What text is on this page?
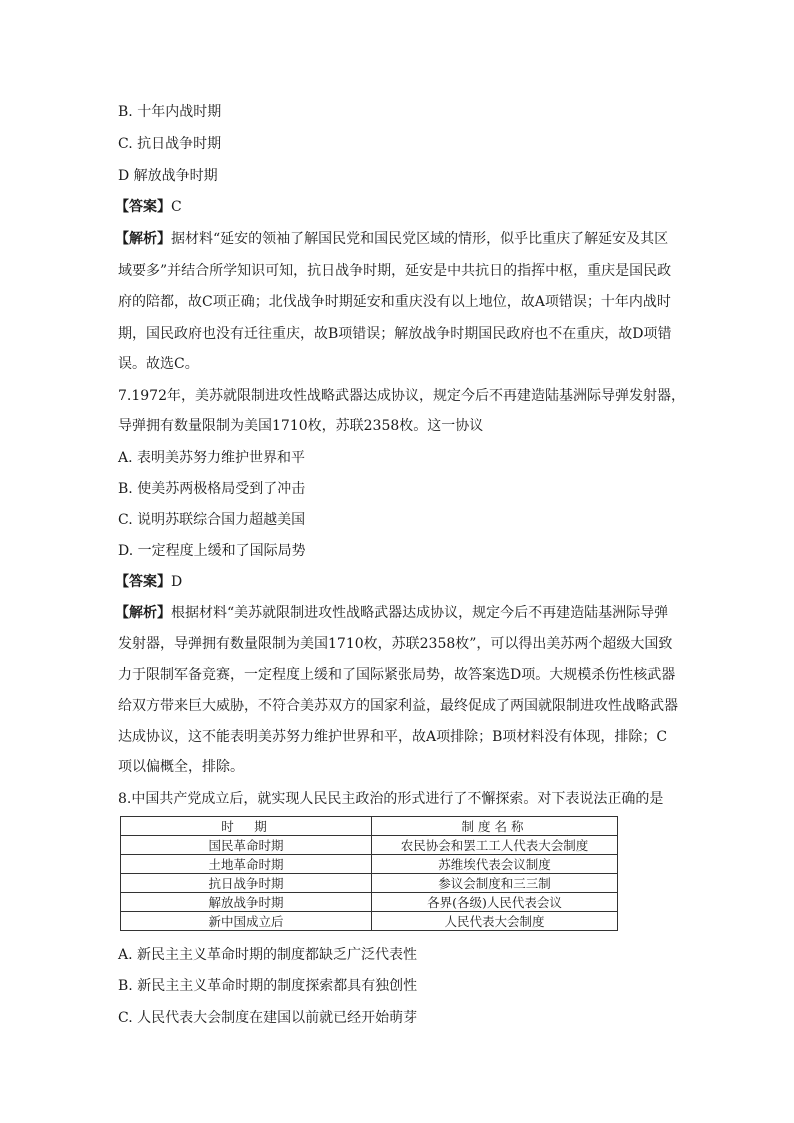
B. 十年内战时期
C. 抗日战争时期
D 解放战争时期
【答案】C
【解析】据材料“延安的领袖了解国民党和国民党区域的情形，似乎比重庆了解延安及其区
域要多”并结合所学知识可知，抗日战争时期，延安是中共抗日的指挥中枢，重庆是国民政
府的陪都，故C项正确；北伐战争时期延安和重庆没有以上地位，故A项错误；十年内战时
期，国民政府也没有迁往重庆，故B项错误；解放战争时期国民政府也不在重庆，故D项错
误。故选C。
7.1972年，美苏就限制进攻性战略武器达成协议，规定今后不再建造陆基洲际导弹发射器，
导弹拥有数量限制为美国1710枚，苏联2358枚。这一协议
A. 表明美苏努力维护世界和平
B. 使美苏两极格局受到了冲击
C. 说明苏联综合国力超越美国
D. 一定程度上缓和了国际局势
【答案】D
【解析】根据材料“美苏就限制进攻性战略武器达成协议，规定今后不再建造陆基洲际导弹
发射器，导弹拥有数量限制为美国1710枚，苏联2358枚”，可以得出美苏两个超级大国致
力于限制军备竞赛，一定程度上缓和了国际紧张局势，故答案选D项。大规模杀伤性核武器
给双方带来巨大威胁，不符合美苏双方的国家利益，最终促成了两国就限制进攻性战略武器
达成协议，这不能表明美苏努力维护世界和平，故A项排除；B项材料没有体现，排除；C
项以偏概全，排除。
8.中国共产党成立后，就实现人民民主政治的形式进行了不懈探索。对下表说法正确的是
时　期	制度名称
国民革命时期	农民协会和罢工工人代表大会制度
土地革命时期	苏维埃代表会议制度
抗日战争时期	参议会制度和三三制
解放战争时期	各界(各级)人民代表会议
新中国成立后	人民代表大会制度
A. 新民主主义革命时期的制度都缺乏广泛代表性
B. 新民主主义革命时期的制度探索都具有独创性
C. 人民代表大会制度在建国以前就已经开始萌芽
